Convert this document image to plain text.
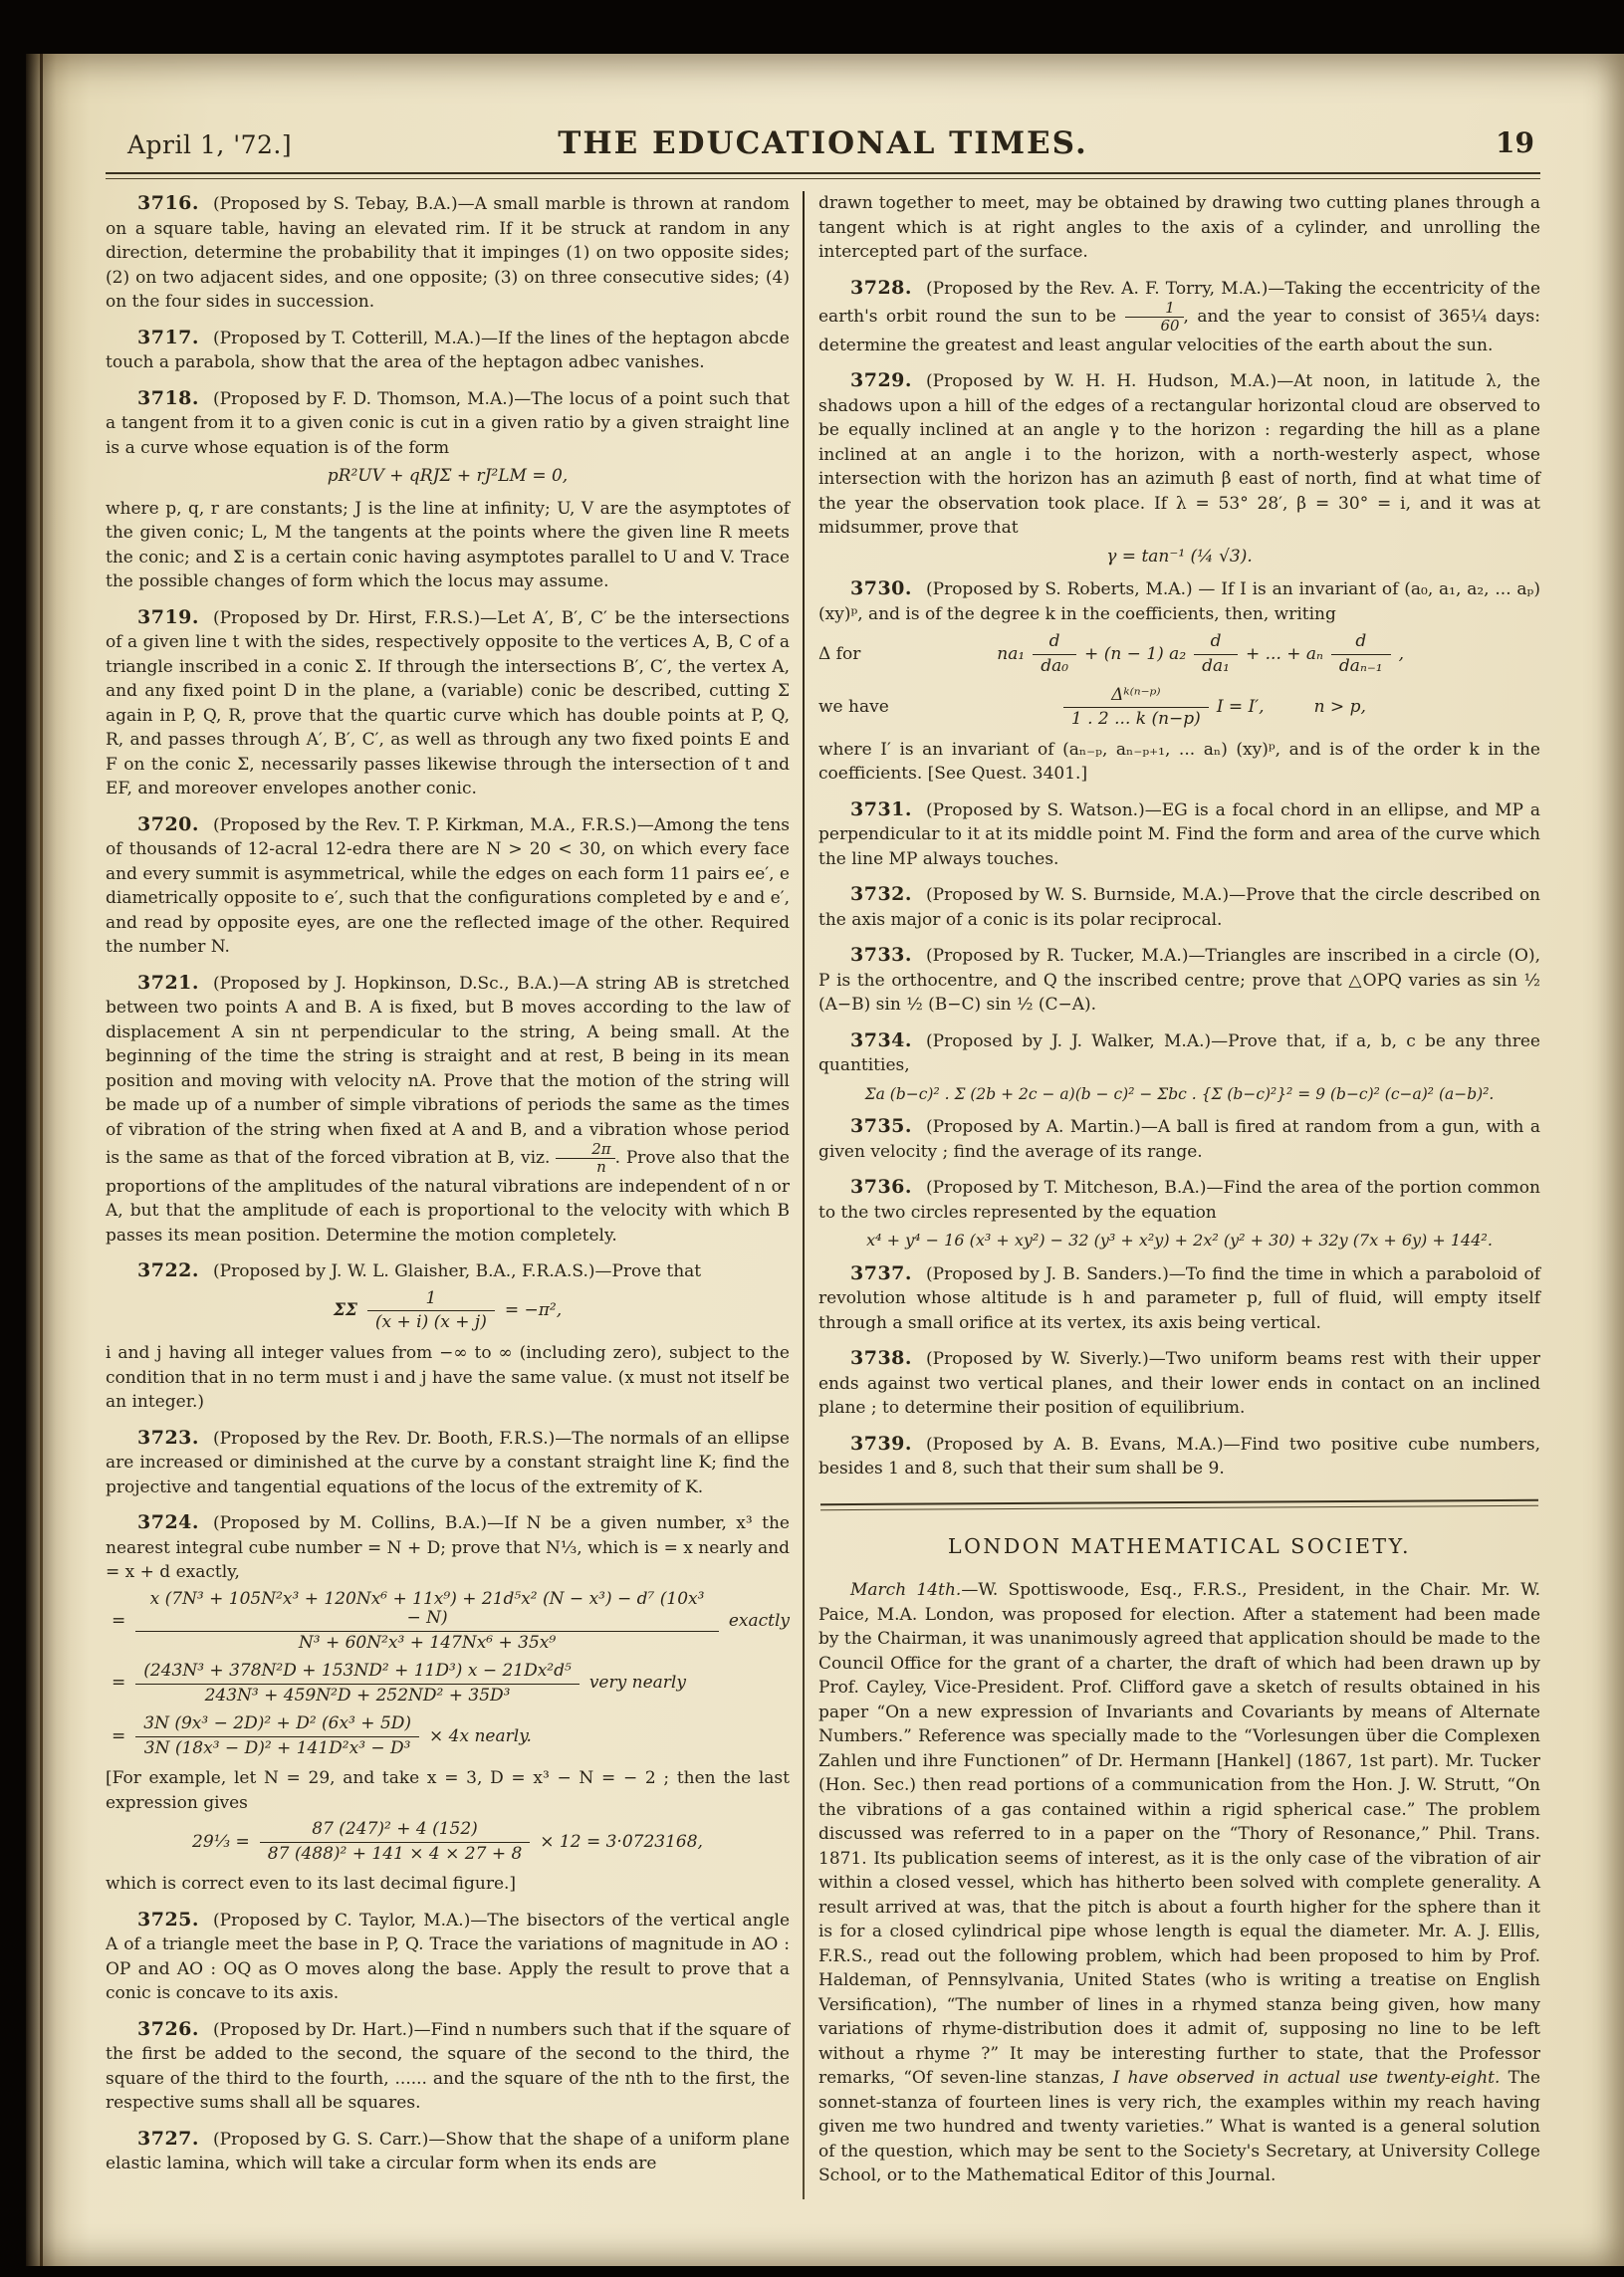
April 1, '72.]	THE EDUCATIONAL TIMES.	19

3716. (Proposed by S. Tebay, B.A.)—A small marble is thrown at random on a square table, having an elevated rim. If it be struck at random in any direction, determine the probability that it impinges (1) on two opposite sides; (2) on two adjacent sides, and one opposite; (3) on three consecutive sides; (4) on the four sides in succession.

3717. (Proposed by T. Cotterill, M.A.)—If the lines of the heptagon abcde touch a parabola, show that the area of the heptagon adbec vanishes.

3718. (Proposed by F. D. Thomson, M.A.)—The locus of a point such that a tangent from it to a given conic is cut in a given ratio by a given straight line is a curve whose equation is of the form

pR²UV + qRJΣ + rJ²LM = 0,

where p, q, r are constants; J is the line at infinity; U, V are the asymptotes of the given conic; L, M the tangents at the points where the given line R meets the conic; and Σ is a certain conic having asymptotes parallel to U and V. Trace the possible changes of form which the locus may assume.

3719. (Proposed by Dr. Hirst, F.R.S.)—Let A′, B′, C′ be the intersections of a given line t with the sides, respectively opposite to the vertices A, B, C of a triangle inscribed in a conic Σ. If through the intersections B′, C′, the vertex A, and any fixed point D in the plane, a (variable) conic be described, cutting Σ again in P, Q, R, prove that the quartic curve which has double points at P, Q, R, and passes through A′, B′, C′, as well as through any two fixed points E and F on the conic Σ, necessarily passes likewise through the intersection of t and EF, and moreover envelopes another conic.

3720. (Proposed by the Rev. T. P. Kirkman, M.A., F.R.S.)—Among the tens of thousands of 12-acral 12-edra there are N > 20 < 30, on which every face and every summit is asymmetrical, while the edges on each form 11 pairs ee′, e diametrically opposite to e′, such that the configurations completed by e and e′, and read by opposite eyes, are one the reflected image of the other. Required the number N.

3721. (Proposed by J. Hopkinson, D.Sc., B.A.)—A string AB is stretched between two points A and B. A is fixed, but B moves according to the law of displacement A sin nt perpendicular to the string, A being small. At the beginning of the time the string is straight and at rest, B being in its mean position and moving with velocity nA. Prove that the motion of the string will be made up of a number of simple vibrations of periods the same as the times of vibration of the string when fixed at A and B, and a vibration whose period is the same as that of the forced vibration at B, viz. $\frac{2\pi}{n}$ . Prove also that the proportions of the amplitudes of the natural vibrations are independent of n or A, but that the amplitude of each is proportional to the velocity with which B passes its mean position. Determine the motion completely.

3722. (Proposed by J. W. L. Glaisher, B.A., F.R.A.S.)—Prove that

ΣΣ $\frac{1}{(x + i) (x + j)} = -\pi^2$,

i and j having all integer values from −∞ to ∞ (including zero), subject to the condition that in no term must i and j have the same value. (x must not itself be an integer.)

3723. (Proposed by the Rev. Dr. Booth, F.R.S.)—The normals of an ellipse are increased or diminished at the curve by a constant straight line K; find the projective and tangential equations of the locus of the extremity of K.

3724. (Proposed by M. Collins, B.A.)—If N be a given number, x³ the nearest integral cube number = N + D; prove that N⅓, which is = x nearly and = x + d exactly,

=
x (7N³ + 105N²x³ + 120Nx⁶ + 11x⁹) + 21d⁵x² (N − x³) − d⁷ (10x³ − N)
N³ + 60N²x³ + 147Nx⁶ + 35x⁹
exactly
= $\frac{\text{(243N³ + 378N²D + 153ND² + 11D³) x − 21Dx²d⁵}}{\text{243N³ + 459N²D + 252ND² + 35D³}}$ very nearly
= $\frac{\text{3N (9x³ − 2D)² + D² (6x³ + 5D)}}{\text{3N (18x³ − D)² + 141D²x³ − D³}} \times 4x$ nearly.

[For example, let N = 29, and take x = 3, D = x³ − N = − 2 ; then the last expression gives

29⅓ = $\frac{\text{87 (247)² + 4 (152)}}{\text{87 (488)² + 141 × 4 × 27 + 8}} \times 12 = 3\cdot 0723168$,

which is correct even to its last decimal figure.]

3725. (Proposed by C. Taylor, M.A.)—The bisectors of the vertical angle A of a triangle meet the base in P, Q. Trace the variations of magnitude in AO : OP and AO : OQ as O moves along the base. Apply the result to prove that a conic is concave to its axis.

3726. (Proposed by Dr. Hart.)—Find n numbers such that if the square of the first be added to the second, the square of the second to the third, the square of the third to the fourth, ...... and the square of the nth to the first, the respective sums shall all be squares.

3727. (Proposed by G. S. Carr.)—Show that the shape of a uniform plane elastic lamina, which will take a circular form when its ends are

drawn together to meet, may be obtained by drawing two cutting planes through a tangent which is at right angles to the axis of a cylinder, and unrolling the intercepted part of the surface.

3728. (Proposed by the Rev. A. F. Torry, M.A.)—Taking the eccentricity of the earth's orbit round the sun to be $\frac{1}{60}$ , and the year to consist of 365¼ days: determine the greatest and least angular velocities of the earth about the sun.

3729. (Proposed by W. H. H. Hudson, M.A.)—At noon, in latitude λ, the shadows upon a hill of the edges of a rectangular horizontal cloud are observed to be equally inclined at an angle γ to the horizon : regarding the hill as a plane inclined at an angle i to the horizon, with a north-westerly aspect, whose intersection with the horizon has an azimuth β east of north, find at what time of the year the observation took place. If λ = 53° 28′, β = 30° = i, and it was at midsummer, prove that

γ = tan⁻¹ (¼ √3).

3730. (Proposed by S. Roberts, M.A.) — If I is an invariant of (a₀, a₁, a₂, ... aₚ) (xy)ᵖ, and is of the degree k in the coefficients, then, writing

Δ for	$na_1 \frac{d}{\text{da₀}} + (n - 1)$ $a_2 \frac{d}{\text{da₁}}$ + ... + aₙ $\frac{d}{\text{daₙ₋₁}}$ ,
we have	$\frac{\text{Δᵏ⁽ⁿ⁻ᵖ⁾}}{1 . 2 ... k (n-p)}$ I = I′,	n > p,

where I′ is an invariant of (aₙ₋ₚ, aₙ₋ₚ₊₁, ... aₙ) (xy)ᵖ, and is of the order k in the coefficients. [See Quest. 3401.]

3731. (Proposed by S. Watson.)—EG is a focal chord in an ellipse, and MP a perpendicular to it at its middle point M. Find the form and area of the curve which the line MP always touches.

3732. (Proposed by W. S. Burnside, M.A.)—Prove that the circle described on the axis major of a conic is its polar reciprocal.

3733. (Proposed by R. Tucker, M.A.)—Triangles are inscribed in a circle (O), P is the orthocentre, and Q the inscribed centre; prove that △OPQ varies as sin ½ (A−B) sin ½ (B−C) sin ½ (C−A).

3734. (Proposed by J. J. Walker, M.A.)—Prove that, if a, b, c be any three quantities,

Σa (b−c)² . Σ (2b + 2c − a)(b − c)² − Σbc . {Σ (b−c)²}² = 9 (b−c)² (c−a)² (a−b)².

3735. (Proposed by A. Martin.)—A ball is fired at random from a gun, with a given velocity ; find the average of its range.

3736. (Proposed by T. Mitcheson, B.A.)—Find the area of the portion common to the two circles represented by the equation

x⁴ + y⁴ − 16 (x³ + xy²) − 32 (y³ + x²y) + 2x² (y² + 30) + 32y (7x + 6y) + 144².

3737. (Proposed by J. B. Sanders.)—To find the time in which a paraboloid of revolution whose altitude is h and parameter p, full of fluid, will empty itself through a small orifice at its vertex, its axis being vertical.

3738. (Proposed by W. Siverly.)—Two uniform beams rest with their upper ends against two vertical planes, and their lower ends in contact on an inclined plane ; to determine their position of equilibrium.

3739. (Proposed by A. B. Evans, M.A.)—Find two positive cube numbers, besides 1 and 8, such that their sum shall be 9.

LONDON MATHEMATICAL SOCIETY.

March 14th.—W. Spottiswoode, Esq., F.R.S., President, in the Chair. Mr. W. Paice, M.A. London, was proposed for election. After a statement had been made by the Chairman, it was unanimously agreed that application should be made to the Council Office for the grant of a charter, the draft of which had been drawn up by Prof. Cayley, Vice-President. Prof. Clifford gave a sketch of results obtained in his paper “On a new expression of Invariants and Covariants by means of Alternate Numbers.” Reference was specially made to the “Vorlesungen über die Complexen Zahlen und ihre Functionen” of Dr. Hermann [Hankel] (1867, 1st part). Mr. Tucker (Hon. Sec.) then read portions of a communication from the Hon. J. W. Strutt, “On the vibrations of a gas contained within a rigid spherical case.” The problem discussed was referred to in a paper on the “Thory of Resonance,” Phil. Trans. 1871. Its publication seems of interest, as it is the only case of the vibration of air within a closed vessel, which has hitherto been solved with complete generality. A result arrived at was, that the pitch is about a fourth higher for the sphere than it is for a closed cylindrical pipe whose length is equal the diameter. Mr. A. J. Ellis, F.R.S., read out the following problem, which had been proposed to him by Prof. Haldeman, of Pennsylvania, United States (who is writing a treatise on English Versification), “The number of lines in a rhymed stanza being given, how many variations of rhyme-distribution does it admit of, supposing no line to be left without a rhyme ?” It may be interesting further to state, that the Professor remarks, “Of seven-line stanzas, I have observed in actual use twenty-eight. The sonnet-stanza of fourteen lines is very rich, the examples within my reach having given me two hundred and twenty varieties.” What is wanted is a general solution of the question, which may be sent to the Society's Secretary, at University College School, or to the Mathematical Editor of this Journal.
